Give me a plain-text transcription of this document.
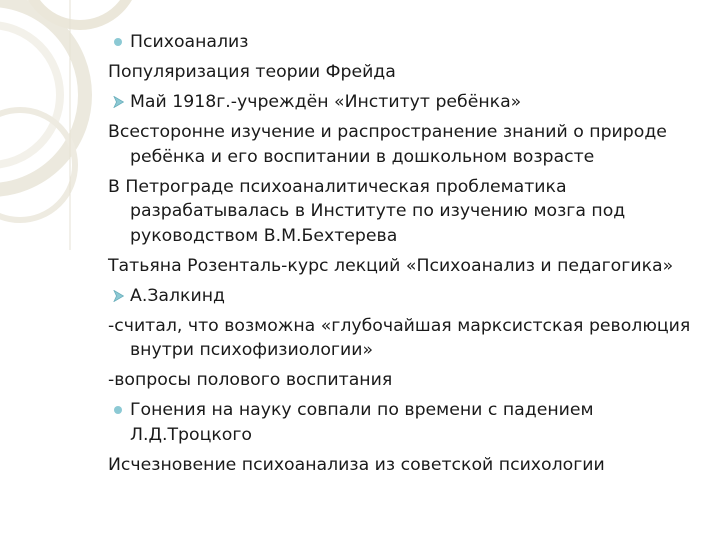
Психоанализ
Популяризация теории Фрейда
Май 1918г.-учреждён «Институт ребёнка»
Всесторонне изучение и распространение знаний о природе ребёнка и его воспитании в дошкольном возрасте
В Петрограде психоаналитическая проблематика разрабатывалась в Институте по изучению мозга под руководством В.М.Бехтерева
Татьяна Розенталь-курс лекций «Психоанализ и педагогика»
А.Залкинд
-считал, что возможна «глубочайшая марксистская революция внутри психофизиологии»
-вопросы полового воспитания
Гонения на науку совпали по времени с падением Л.Д.Троцкого
Исчезновение психоанализа из советской психологии
